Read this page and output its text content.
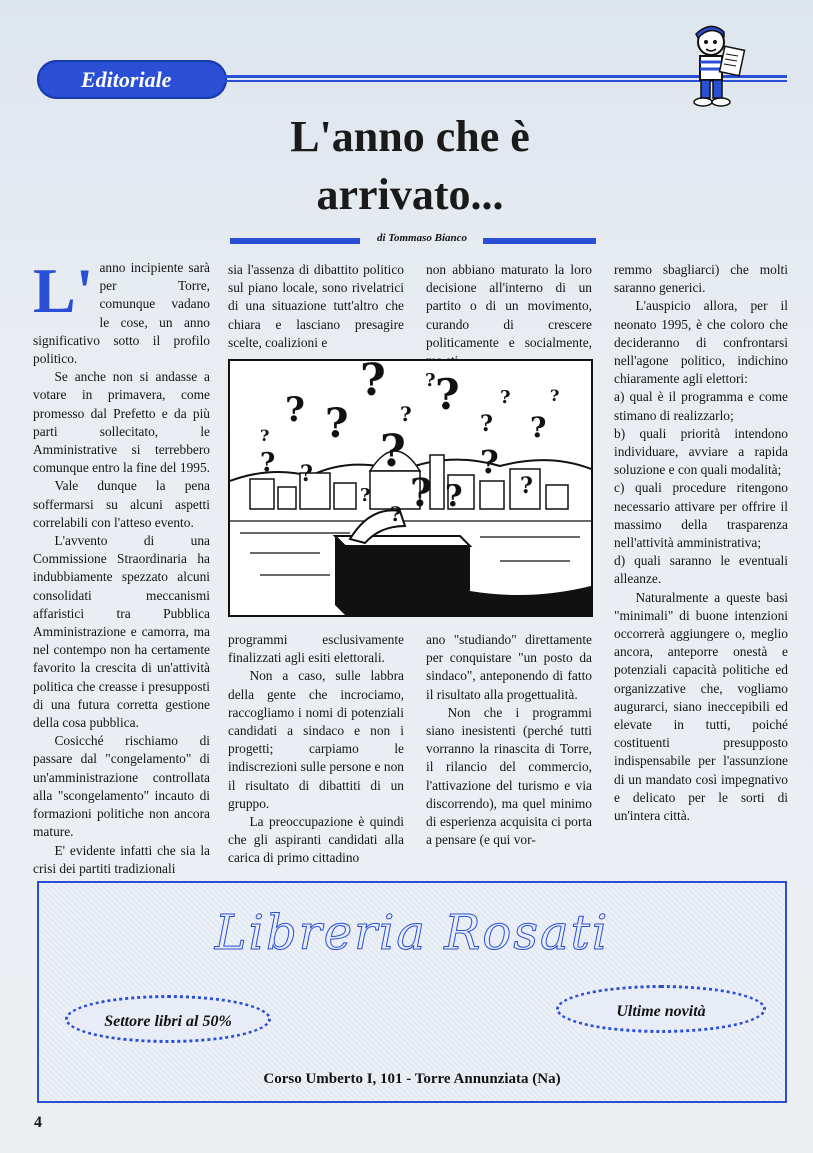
Editoriale
L'anno che è
arrivato...
di Tommaso Bianco

L' anno incipiente sarà per Torre, comunque vadano le cose, un anno significativo sotto il profilo politico.

Se anche non si andasse a votare in primavera, come promesso dal Prefetto e da più parti sollecitato, le Amministrative si terrebbero comunque entro la fine del 1995.

Vale dunque la pena soffermarsi su alcuni aspetti correlabili con l'atteso evento.

L'avvento di una Commissione Straordinaria ha indubbiamente spezzato alcuni consolidati meccanismi affaristici tra Pubblica Amministrazione e camorra, ma nel contempo non ha certamente favorito la crescita di un'attività politica che creasse i presupposti di una futura corretta gestione della cosa pubblica.

Cosicché rischiamo di passare dal "congelamento" di un'amministrazione controllata alla "scongelamento" incauto di formazioni politiche non ancora mature.

E' evidente infatti che sia la crisi dei partiti tradizionali

sia l'assenza di dibattito politico sul piano locale, sono rivelatrici di una situazione tutt'altro che chiara e lasciano presagire scelte, coalizioni e

non abbiano maturato la loro decisione all'interno di un partito o di un movimento, curando di crescere politicamente e socialmente,

? ?
? ?
?
? ?
?
?
? ?
?
?
?
?
?
?
?
?
?

programmi esclusivamente finalizzati agli esiti elettorali.

Non a caso, sulle labbra della gente che incrociamo, raccogliamo i nomi di potenziali candidati a sindaco e non i progetti; carpiamo le indiscrezioni sulle persone e non il risultato di dibattiti di un gruppo.

La preoccupazione è quindi che gli aspiranti candidati alla carica di primo cittadino

ano "studiando" direttamente per conquistare "un posto da sindaco", anteponendo di fatto il risultato alla progettualità.

Non che i programmi siano inesistenti (perché tutti vorranno la rinascita di Torre, il rilancio del commercio, l'attivazione del turismo e via discorrendo), ma quel minimo di esperienza acquisita ci porta a pensare (e qui vor-

remmo sbagliarci) che molti saranno generici.

L'auspicio allora, per il neonato 1995, è che coloro che decideranno di confrontarsi nell'agone politico, indichino chiaramente agli elettori:

a) qual è il programma e come stimano di realizzarlo;

b) quali priorità intendono individuare, avviare a rapida soluzione e con quali modalità;

c) quali procedure ritengono necessario attivare per offrire il massimo della trasparenza nell'attività amministrativa;

d) quali saranno le eventuali alleanze.

Naturalmente a queste basi "minimali" di buone intenzioni occorrerà aggiungere o, meglio ancora, anteporre onestà e potenziali capacità politiche ed organizzative che, vogliamo augurarci, siano ineccepibili ed elevate in tutti, poiché costituenti presupposto indispensabile per l'assunzione di un mandato così impegnativo e delicato per le sorti di un'intera città.

Libreria Rosati
Settore libri al 50%
Ultime novità
Corso Umberto I, 101 - Torre Annunziata (Na)
4
